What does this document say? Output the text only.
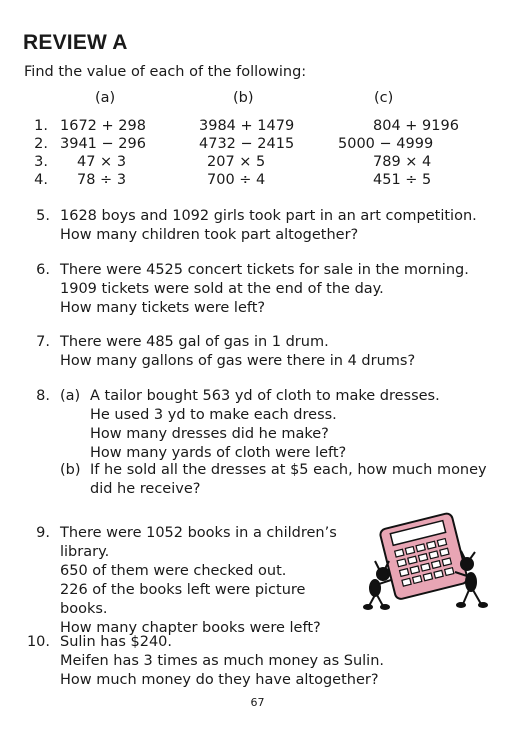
REVIEW A
Find the value of each of the following:
(a)	(b)	(c)
1. 1672 + 298	3984 + 1479	804 + 9196
2. 3941 − 296	4732 − 2415	5000 − 4999
3. 47 × 3	207 × 5	789 × 4
4. 78 ÷ 3	700 ÷ 4	451 ÷ 5
5. 1628 boys and 1092 girls took part in an art competition.
How many children took part altogether?
6. There were 4525 concert tickets for sale in the morning.
1909 tickets were sold at the end of the day.
How many tickets were left?
7. There were 485 gal of gas in 1 drum.
How many gallons of gas were there in 4 drums?
8. (a) A tailor bought 563 yd of cloth to make dresses.
He used 3 yd to make each dress.
How many dresses did he make?
How many yards of cloth were left?
(b) If he sold all the dresses at $5 each, how much money
did he receive?
9. There were 1052 books in a children’s
library.
650 of them were checked out.
226 of the books left were picture books.
How many chapter books were left?
10. Sulin has $240.
Meifen has 3 times as much money as Sulin.
How much money do they have altogether?
67
